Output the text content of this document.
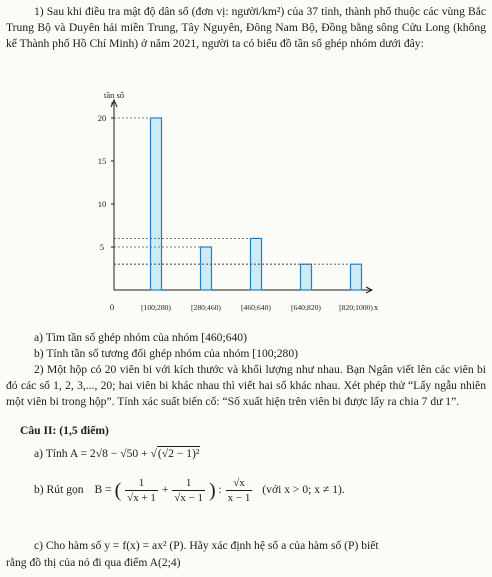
1) Sau khi điều tra mật độ dân số (đơn vị: người/km²) của 37 tỉnh, thành phố thuộc các vùng Bắc Trung Bộ và Duyên hải miền Trung, Tây Nguyên, Đông Nam Bộ, Đồng bằng sông Cửu Long (không kể Thành phố Hồ Chí Minh) ở năm 2021, người ta có biểu đồ tần số ghép nhóm dưới đây:

tần số
n
x
0
5
10
15
20
[100;280)	[280;460)	[460;640)	[640;820) [820;1000)

a) Tìm tần số ghép nhóm của nhóm [460;640)

b) Tính tần số tương đối ghép nhóm của nhóm [100;280)

2) Một hộp có 20 viên bi với kích thước và khối lượng như nhau. Bạn Ngân viết lên các viên bi đó các số 1, 2, 3,..., 20; hai viên bi khác nhau thì viết hai số khác nhau. Xét phép thử “Lấy ngẫu nhiên một viên bi trong hộp”. Tính xác suất biến cố: “Số xuất hiện trên viên bi được lấy ra chia 7 dư 1”.

Câu II: (1,5 điểm)

a) Tính A = 2√8 − √50 + √(√2 − 1)²
b) Rút gọn B = ( $\frac{1}{√x + 1} + \frac{1}{√x - 1}$ ) : $\frac{√x}{x - 1}$ (với x > 0; x ≠ 1).

c) Cho hàm số y = f(x) = ax² (P). Hãy xác định hệ số a của hàm số (P) biết

rằng đồ thị của nó đi qua điểm A(2;4)
